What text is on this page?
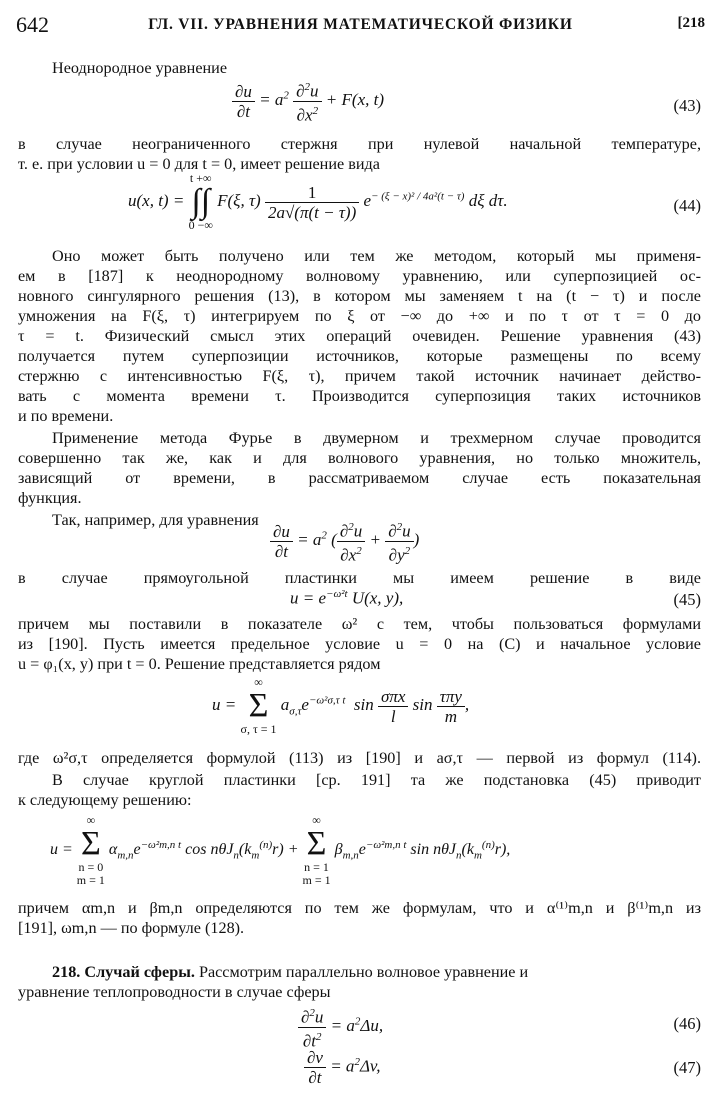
642	ГЛ. VII. УРАВНЕНИЯ МАТЕМАТИЧЕСКОЙ ФИЗИКИ	[218
Неоднородное уравнение
$\frac{\partial u}{\partial t} = a^2 \frac{\partial^2u}{\partial x^2} + F(x$, t)	(43)
в случае неограниченного стержня при нулевой начальной температуре,
т. е. при условии u = 0 для t = 0, имеет решение вида
u(x, t) =
t +∞
∫∫
0 −∞
F(ξ, $\tau) \frac{1}{2a√(\pi(t - \tau))} e^{- (\xi - x)^2 / 4a^2(t - \tau)}$ dξ dτ.	(44)
Оно может быть получено или тем же методом, который мы применя-
ем в [187] к неоднородному волновому уравнению, или суперпозицией ос-
новного сингулярного решения (13), в котором мы заменяем t на (t − τ) и после
умножения на F(ξ, τ) интегрируем по ξ от −∞ до +∞ и по τ от τ = 0 до
τ = t. Физический смысл этих операций очевиден. Решение уравнения (43)
получается путем суперпозиции источников, которые размещены по всему
стержню с интенсивностью F(ξ, τ), причем такой источник начинает действо-
вать с момента времени τ. Производится суперпозиция таких источников
и по времени.
Применение метода Фурье в двумерном и трехмерном случае проводится
совершенно так же, как и для волнового уравнения, но только множитель,
зависящий от времени, в рассматриваемом случае есть показательная
функция.
Так, например, для уравнения
$\frac{\partial u}{\partial t} = a^2$ ( $\frac{\partial^2u}{\partial x^2} + \frac{\partial^2u}{\partial y^2}$ )
в случае прямоугольной пластинки мы имеем решение в виде
$u = e^{-\omega^2t}$ U(x, y),	(45)
причем мы поставили в показателе ω² с тем, чтобы пользоваться формулами
из [190]. Пусть имеется предельное условие u = 0 на (C) и начальное условие
u = φ₁(x, y) при t = 0. Решение представляется рядом
u =
∞
Σ
σ, τ = 1
$a_{\sigma,\tau}e^{-\omega^2\sigma,\tau t}$  $\sin \frac{\text{σπx}}{l}$ $\sin \frac{\text{τπy}}{m}$ ,
где ω²σ,τ определяется формулой (113) из [190] и aσ,τ — первой из формул (114).
В случае круглой пластинки [ср. 191] та же подстановка (45) приводит
к следующему решению:
u =
∞
Σ
n = 0
m = 1
$\alpha_{m,n}e^{-\omega^2m,n t}$ $\cos n\theta J_n(k_m^{(n)}r)$ +
∞
Σ
n = 1
m = 1
$\beta_{m,n}e^{-\omega^2m,n t}$ $\sin n\theta J_n(k_m^{(n)}r)$,
причем αm,n и βm,n определяются по тем же формулам, что и α⁽¹⁾m,n и β⁽¹⁾m,n из
[191], ωm,n — по формуле (128).
218. Случай сферы. Рассмотрим параллельно волновое уравнение и
уравнение теплопроводности в случае сферы
$\frac{\partial^2u}{\partial t^2} = a^2\Delta u$,	(46)
$\frac{\partial v}{\partial t} = a^2\Delta v$,	(47)
